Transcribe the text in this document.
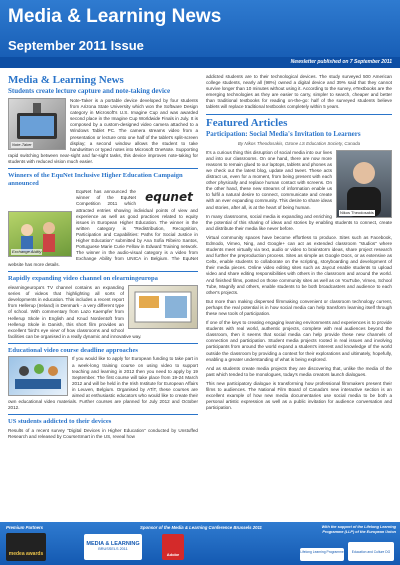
Media & Learning News
September 2011 Issue
Newsletter published on 7 September 2011
Media & Learning News
Students create lecture capture and note-taking device
Note-Taker

Note-Taker is a portable device developed by four students from Arizona State University which won the Software Design category in Microsoft's U.S. Imagine Cup and was awarded second place in the Imagine Cup Worldwide Finals in July. It is composed by a custom-designed video camera attached to a Windows Tablet PC. The camera streams video from a presentation or lecture onto one half of the tablet's split-screen display; a second window allows the student to take handwritten or typed notes into Microsoft OneNote. Supporting rapid switching between near-sight and far-sight tasks, this device improves note-taking for students with reduced vision much easier.

Winners of the EquNet Inclusive Higher Education Campaign announced
equnet
Exchange Ability

EquNet has announced the winner of the EquNet Competition 2011 which attracted entries showing individual points of view and experience as well as good practices related to equity issues in European Higher Education. The winner in the written category is "Redistribution, Recognition, Participation and Capabilities: Paths for Social Justice in Higher Education" submitted by Ana Sofia Ribeiro Santos, Portuguese Marie Curie Fellow in Edward Training network. The winner in the audio-visual category is a video from Exchange Ability from UNICA in Belgium. The EquNet website has more details.

Rapidly expanding video channel on elearningeuropa

elearningeuropa's TV channel contains an expanding series of videos that highlighting all sorts of developments in education. This includes a recent report from Hellerup (Ireland) in Denmark - a very different type of school. With commentary from Lazo Kaempfer from Hellerup Skole in English and Knud Nordentoft from Hellerup Skole in Danish, this short film provides an excellent 'bird's eye view' of how classrooms and school facilities can be organised in a really dynamic and innovative way.

Educational video course deadline approaches

If you would like to apply for European funding to take part in a week-long training course on using video to support teaching and learning in 2012 then you need to apply by 19 September. The first course will take place from 19-24 March 2012 and will be held in the Irish Institute for European Affairs in Leuven, Belgium. Organised by ATiT, these courses are aimed at enthusiastic educators who would like to create their own educational video materials. Further courses are planned for July 2012 and October 2012.

US students addicted to their devices

Results of a recent survey "Digital Devices in Higher Education" conducted by Unstuffed Research and released by CourseSmart in the US, reveal how

addicted students are to their technological devices. The study surveyed 500 American college students, nearly all (98%) owned a digital device and 39% said that they cannot survive longer than 10 minutes without using it. According to the survey, eTextbooks are the emerging technologies as they are easier to carry, simpler to search, cheaper and better than traditional textbooks for reading on-the-go: half of the surveyed students believe tablets will replace traditional textbooks completely within 5 years.

Featured Articles
Participation: Social Media's Invitation to Learners
By Nikos Theodosakis, Ozone LS Education Society, Canada
Nikos Theodosakis

It's a curious thing this disruption of social media into our lives and into our classrooms. On one hand, there are now more reasons to remain glued to our laptops, tablets and phones as we check out the latest blog, update and tweet. These acts distract us, even for a moment, from being present with each other physically and replace human contact with screens. On the other hand, these new streams of information enable us to fulfil a natural desire to connect, communicate and create with an ever expanding community. This desire to share ideas and stories, after all, is at the heart of being human.

In many classrooms, social media is expanding and enriching the potential of this sharing of ideas and stories by enabling students to connect, create and distribute their media like never before.

Virtual community spaces have become effortless to produce. Sites such as Facebook, Edmodo, Vimeo, Ning, and Google+ can act as extended classroom "studios" where students meet virtually via text, audio or video to brainstorm ideas, share project research and further the preproduction process. Sites as simple as Google Docs, or as extensive as Celtx, enable students to collaborate on the scripting, storyboarding and development of their media pieces. Online video editing sites such as Jaycut enable students to upload video and share editing responsibilities with others in the classroom and around the world. And finished films, posted on those community sites as well as on YouTube, Vimeo, School Tube, Magnify and others, enable students to be both broadcasters and audience to each other's projects.

But more than making dispersed filmmaking convenient or classroom technology current, perhaps the real potential is in how social media can help transform learning itself through these new tools of participation.

If one of the keys to creating engaging learning environments and experiences is to provide students with real world, authentic projects, complete with real audiences beyond the classroom, then it seems that social media can help provide these new channels of connection and participation. Student media projects rooted in real issues and involving participants from around the world expand a student's interest and knowledge of the world outside the classroom by providing a context for their explorations and ultimately, hopefully, enabling a greater understanding of what is being explored.

And as students create media projects they are discovering that, unlike the media of the past which tended to be monologues, today's media creators launch dialogues.

This new participatory dialogue is transforming how professional filmmakers present their films to audiences. The National Film Board of Canada's new interactive section is an excellent example of how new media documentaries use social media to be both a personal artistic expression as well as a public invitation for audience conversation and participation.

Premium Partners	Sponsor of the Media & Learning Conference Brussels 2011	With the support of the Lifelong Learning Programme (LLP) of the European Union
medea awards
MEDIA & LEARNING
BRUSSELS 2011
Adobe	Lifelong Learning Programme	Education and Culture DG
